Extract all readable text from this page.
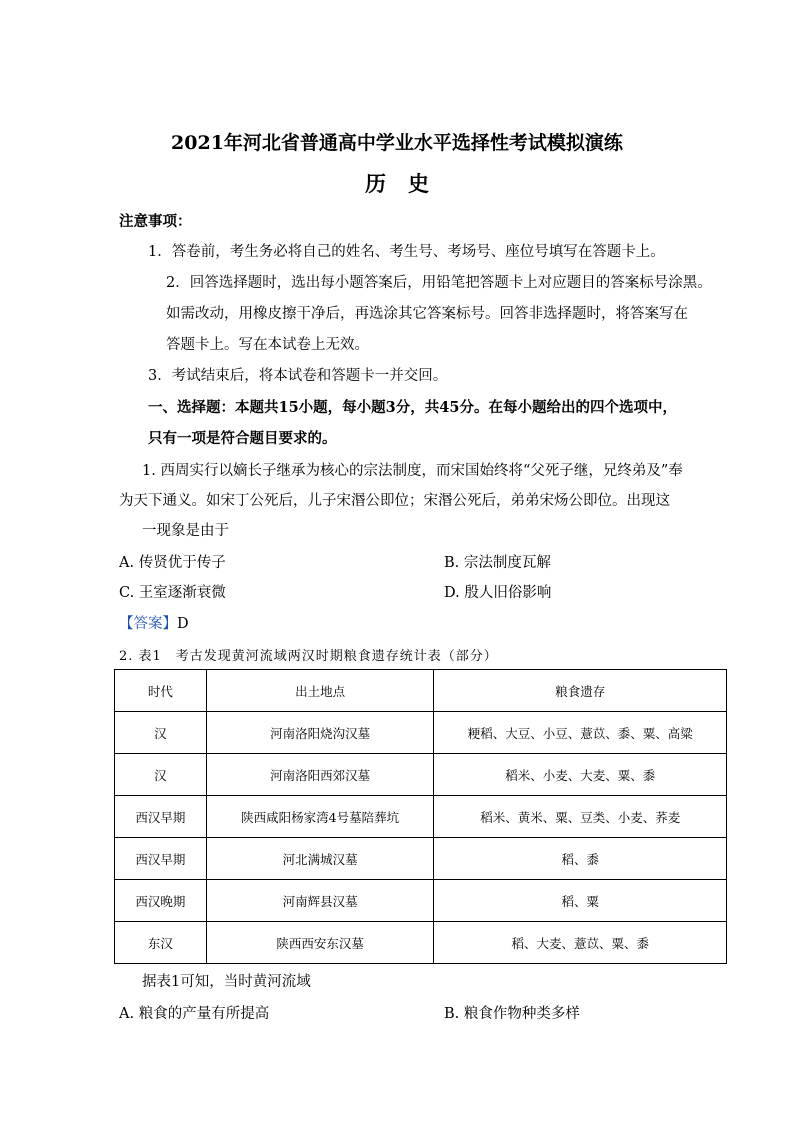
2021年河北省普通高中学业水平选择性考试模拟演练
历史
注意事项：
1．答卷前，考生务必将自己的姓名、考生号、考场号、座位号填写在答题卡上。
2．回答选择题时，选出每小题答案后，用铅笔把答题卡上对应题目的答案标号涂黑。
如需改动，用橡皮擦干净后，再选涂其它答案标号。回答非选择题时，将答案写在
答题卡上。写在本试卷上无效。
3．考试结束后，将本试卷和答题卡一并交回。
一、选择题：本题共15小题，每小题3分，共45分。在每小题给出的四个选项中，
只有一项是符合题目要求的。
1. 西周实行以嫡长子继承为核心的宗法制度，而宋国始终将“父死子继，兄终弟及”奉
为天下通义。如宋丁公死后，儿子宋湣公即位；宋湣公死后，弟弟宋炀公即位。出现这
一现象是由于
A. 传贤优于传子	B. 宗法制度瓦解
C. 王室逐渐衰微	D. 殷人旧俗影响
【答案】D
2. 表1　考古发现黄河流域两汉时期粮食遗存统计表（部分）
时代	出土地点	粮食遗存
汉	河南洛阳烧沟汉墓	粳稻、大豆、小豆、薏苡、黍、粟、高粱
汉	河南洛阳西郊汉墓	稻米、小麦、大麦、粟、黍
西汉早期	陕西咸阳杨家湾4号墓陪葬坑	稻米、黄米、粟、豆类、小麦、荞麦
西汉早期	河北满城汉墓	稻、黍
西汉晚期	河南辉县汉墓	稻、粟
东汉	陕西西安东汉墓	稻、大麦、薏苡、粟、黍
据表1可知，当时黄河流域
A. 粮食的产量有所提高	B. 粮食作物种类多样
